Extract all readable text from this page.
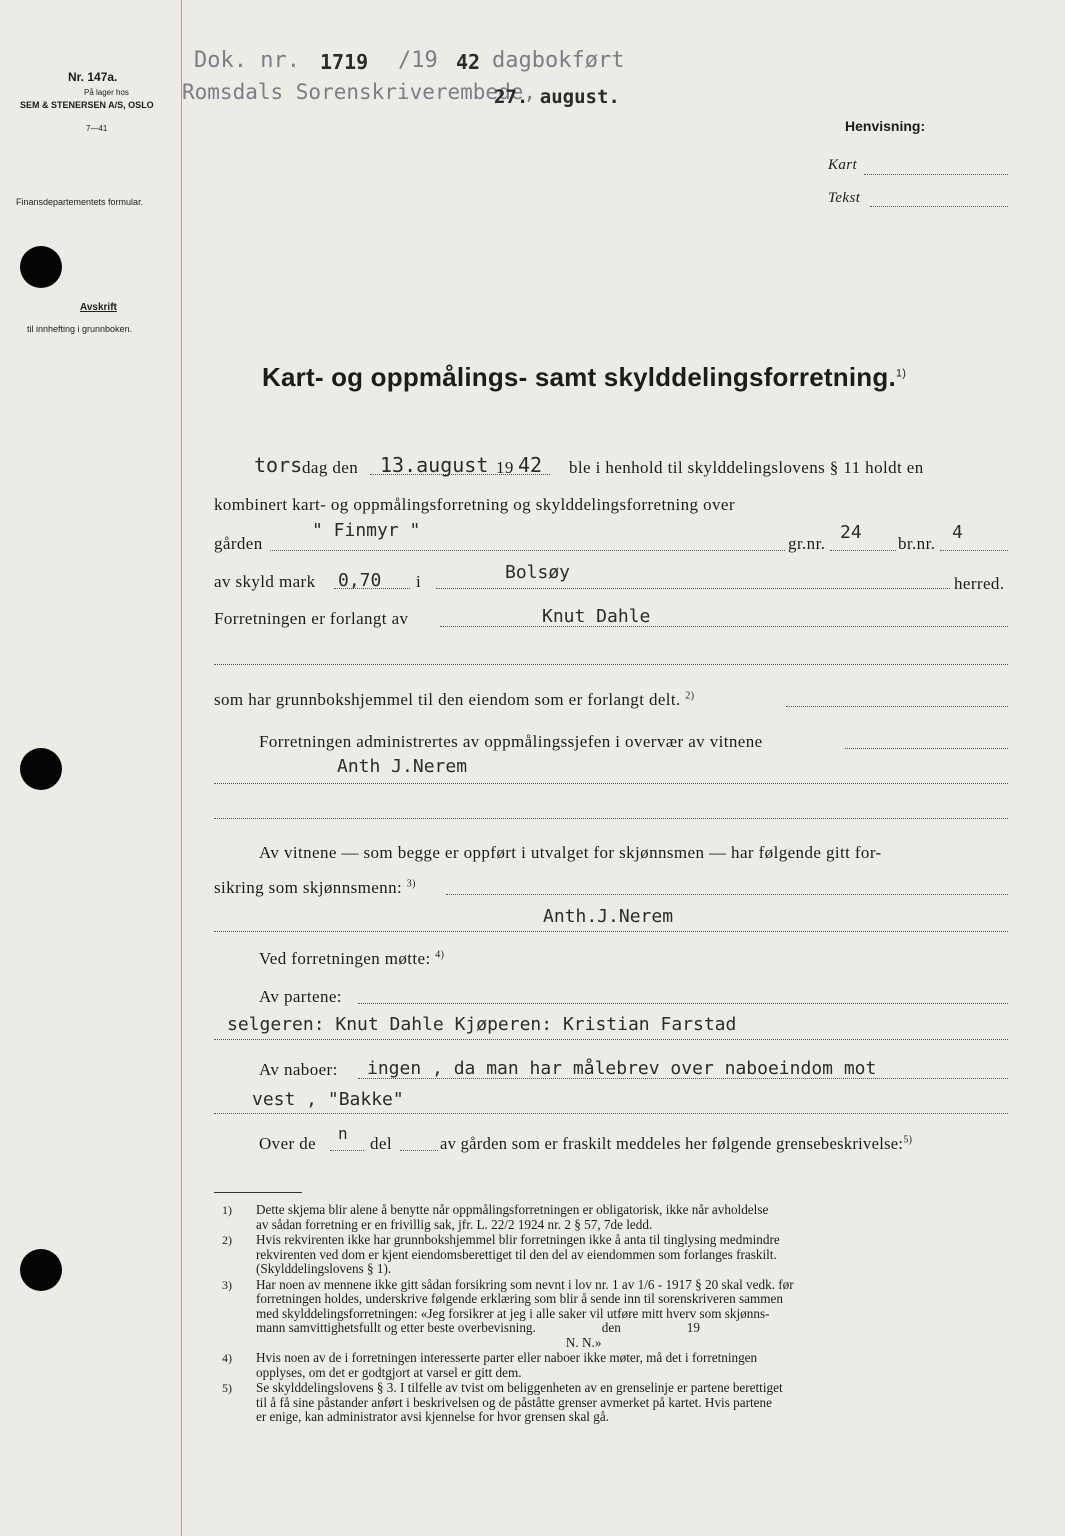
Nr. 147a.
På lager hos
SEM & STENERSEN A/S, OSLO
7—41
Finansdepartementets formular.
Avskrift
til innhefting i grunnboken.
Dok. nr. 1719 /19 42 dagbokført
Romsdals Sorenskriverembede,
27. august.
Henvisning:
Kart
Tekst
Kart- og oppmålings- samt skylddelingsforretning.$^{1)}$
tors dag den 13.august 19 42 ble i henhold til skylddelingslovens § 11 holdt en
kombinert kart- og oppmålingsforretning og skylddelingsforretning over
gården
" Finmyr "
gr.nr.
24
br.nr.
4
av skyld mark 0,70 i	Bolsøy
herred.
Forretningen er forlangt av	Knut Dahle
som har grunnbokshjemmel til den eiendom som er forlangt delt. $^{2)}$
Forretningen administrertes av oppmålingssjefen i overvær av vitnene
Anth J.Nerem
Av vitnene — som begge er oppført i utvalget for skjønnsmen — har følgende gitt for-
sikring som skjønnsmenn: $^{3)}$
Anth.J.Nerem
Ved forretningen møtte: $^{4)}$
Av partene:
selgeren: Knut Dahle Kjøperen: Kristian Farstad
Av naboer: ingen , da man har målebrev over naboeindom mot
vest , "Bakke"
Over de
n
del	av gården som er fraskilt meddeles her følgende grensebeskrivelse:$^{5)}$
1) Dette skjema blir alene å benytte når oppmålingsforretningen er obligatorisk, ikke når avholdelse
av sådan forretning er en frivillig sak, jfr. L. 22/2 1924 nr. 2 § 57, 7de ledd.
2) Hvis rekvirenten ikke har grunnbokshjemmel blir forretningen ikke å anta til tinglysing medmindre
rekvirenten ved dom er kjent eiendomsberettiget til den del av eiendommen som forlanges fraskilt.
(Skylddelingslovens § 1).
3) Har noen av mennene ikke gitt sådan forsikring som nevnt i lov nr. 1 av 1/6 - 1917 § 20 skal vedk. før
forretningen holdes, underskrive følgende erklæring som blir å sende inn til sorenskriveren sammen
med skylddelingsforretningen: «Jeg forsikrer at jeg i alle saker vil utføre mitt hverv som skjønns-
mann samvittighetsfullt og etter beste overbevisning.                    den                    19
N. N.»
4) Hvis noen av de i forretningen interesserte parter eller naboer ikke møter, må det i forretningen
opplyses, om det er godtgjort at varsel er gitt dem.
5) Se skylddelingslovens § 3. I tilfelle av tvist om beliggenheten av en grenselinje er partene berettiget
til å få sine påstander anført i beskrivelsen og de påståtte grenser avmerket på kartet. Hvis partene
er enige, kan administrator avsi kjennelse for hvor grensen skal gå.
